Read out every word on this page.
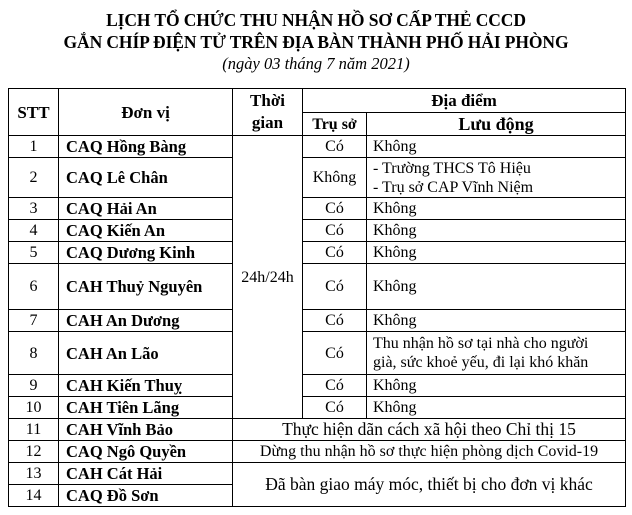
LỊCH TỔ CHỨC THU NHẬN HỒ SƠ CẤP THẺ CCCD
GẮN CHÍP ĐIỆN TỬ TRÊN ĐỊA BÀN THÀNH PHỐ HẢI PHÒNG
(ngày 03 tháng 7 năm 2021)
STT	Đơn vị	Thời gian	Địa điểm	
			Trụ sở	Lưu động
1	CAQ Hồng Bàng	24h/24h	Có	Không
2	CAQ Lê Chân		Không	- Trường THCS Tô Hiệu
- Trụ sở CAP Vĩnh Niệm

3	CAQ Hải An		Có	Không
4	CAQ Kiến An		Có	Không
5	CAQ Dương Kinh		Có	Không
6	CAH Thuỷ Nguyên		Có	Không
7	CAH An Dương		Có	Không
8	CAH An Lão		Có	Thu nhận hồ sơ tại nhà cho người
già, sức khoẻ yếu, đi lại khó khăn

9	CAH Kiến Thuỵ		Có	Không
10	CAH Tiên Lãng		Có	Không
11	CAH Vĩnh Bảo	Thực hiện dãn cách xã hội theo Chỉ thị 15		
12	CAQ Ngô Quyền	Dừng thu nhận hồ sơ thực hiện phòng dịch Covid-19		
13	CAH Cát Hải	Đã bàn giao máy móc, thiết bị cho đơn vị khác		
14	CAQ Đồ Sơn			
